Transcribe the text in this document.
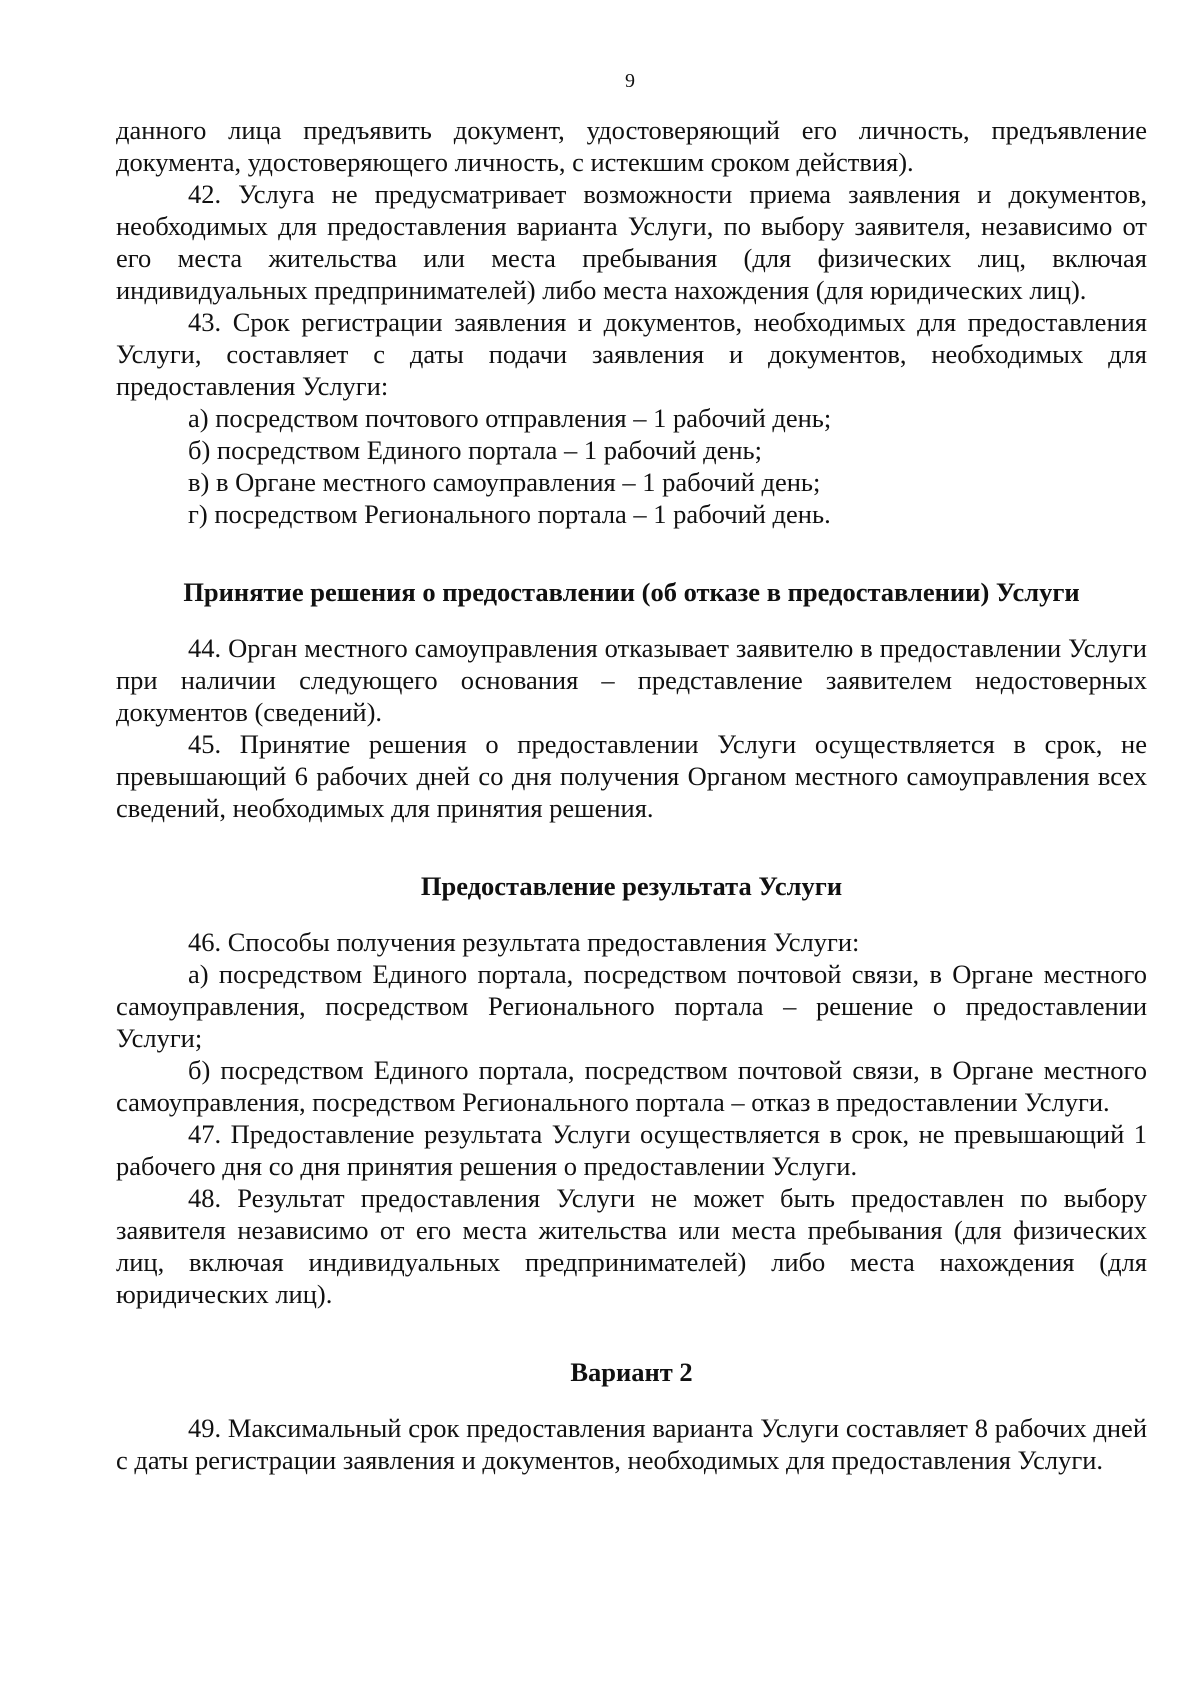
9

данного лица предъявить документ, удостоверяющий его личность, предъявление документа, удостоверяющего личность, с истекшим сроком действия).

42. Услуга не предусматривает возможности приема заявления и документов, необходимых для предоставления варианта Услуги, по выбору заявителя, независимо от его места жительства или места пребывания (для физических лиц, включая индивидуальных предпринимателей) либо места нахождения (для юридических лиц).

43. Срок регистрации заявления и документов, необходимых для предоставления Услуги, составляет с даты подачи заявления и документов, необходимых для предоставления Услуги:

а) посредством почтового отправления – 1 рабочий день;

б) посредством Единого портала – 1 рабочий день;

в) в Органе местного самоуправления – 1 рабочий день;

г) посредством Регионального портала – 1 рабочий день.

Принятие решения о предоставлении (об отказе в предоставлении) Услуги

44. Орган местного самоуправления отказывает заявителю в предоставлении Услуги при наличии следующего основания – представление заявителем недостоверных документов (сведений).

45. Принятие решения о предоставлении Услуги осуществляется в срок, не превышающий 6 рабочих дней со дня получения Органом местного самоуправления всех сведений, необходимых для принятия решения.

Предоставление результата Услуги

46. Способы получения результата предоставления Услуги:

а) посредством Единого портала, посредством почтовой связи, в Органе местного самоуправления, посредством Регионального портала – решение о предоставлении Услуги;

б) посредством Единого портала, посредством почтовой связи, в Органе местного самоуправления, посредством Регионального портала – отказ в предоставлении Услуги.

47. Предоставление результата Услуги осуществляется в срок, не превышающий 1 рабочего дня со дня принятия решения о предоставлении Услуги.

48. Результат предоставления Услуги не может быть предоставлен по выбору заявителя независимо от его места жительства или места пребывания (для физических лиц, включая индивидуальных предпринимателей) либо места нахождения (для юридических лиц).

Вариант 2

49. Максимальный срок предоставления варианта Услуги составляет 8 рабочих дней с даты регистрации заявления и документов, необходимых для предоставления Услуги.
